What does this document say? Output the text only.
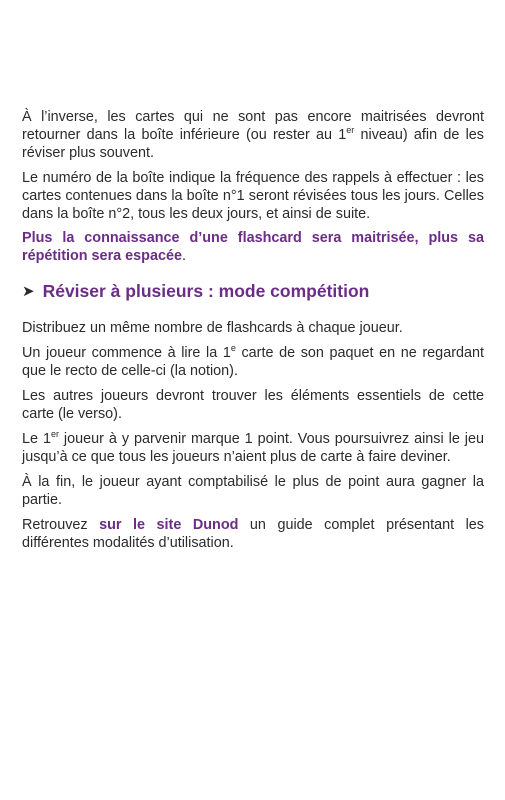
À l’inverse, les cartes qui ne sont pas encore maitrisées devront retourner dans la boîte inférieure (ou rester au 1er niveau) afin de les réviser plus souvent.

Le numéro de la boîte indique la fréquence des rappels à effectuer : les cartes contenues dans la boîte n°1 seront révisées tous les jours. Celles dans la boîte n°2, tous les deux jours, et ainsi de suite.

Plus la connaissance d’une flashcard sera maitrisée, plus sa répétition sera espacée.

➤ Réviser à plusieurs : mode compétition

Distribuez un même nombre de flashcards à chaque joueur.

Un joueur commence à lire la 1e carte de son paquet en ne regardant que le recto de celle-ci (la notion).

Les autres joueurs devront trouver les éléments essentiels de cette carte (le verso).

Le 1er joueur à y parvenir marque 1 point. Vous poursuivrez ainsi le jeu jusqu’à ce que tous les joueurs n’aient plus de carte à faire deviner.

À la fin, le joueur ayant comptabilisé le plus de point aura gagner la partie.

Retrouvez sur le site Dunod un guide complet présentant les différentes modalités d’utilisation.
